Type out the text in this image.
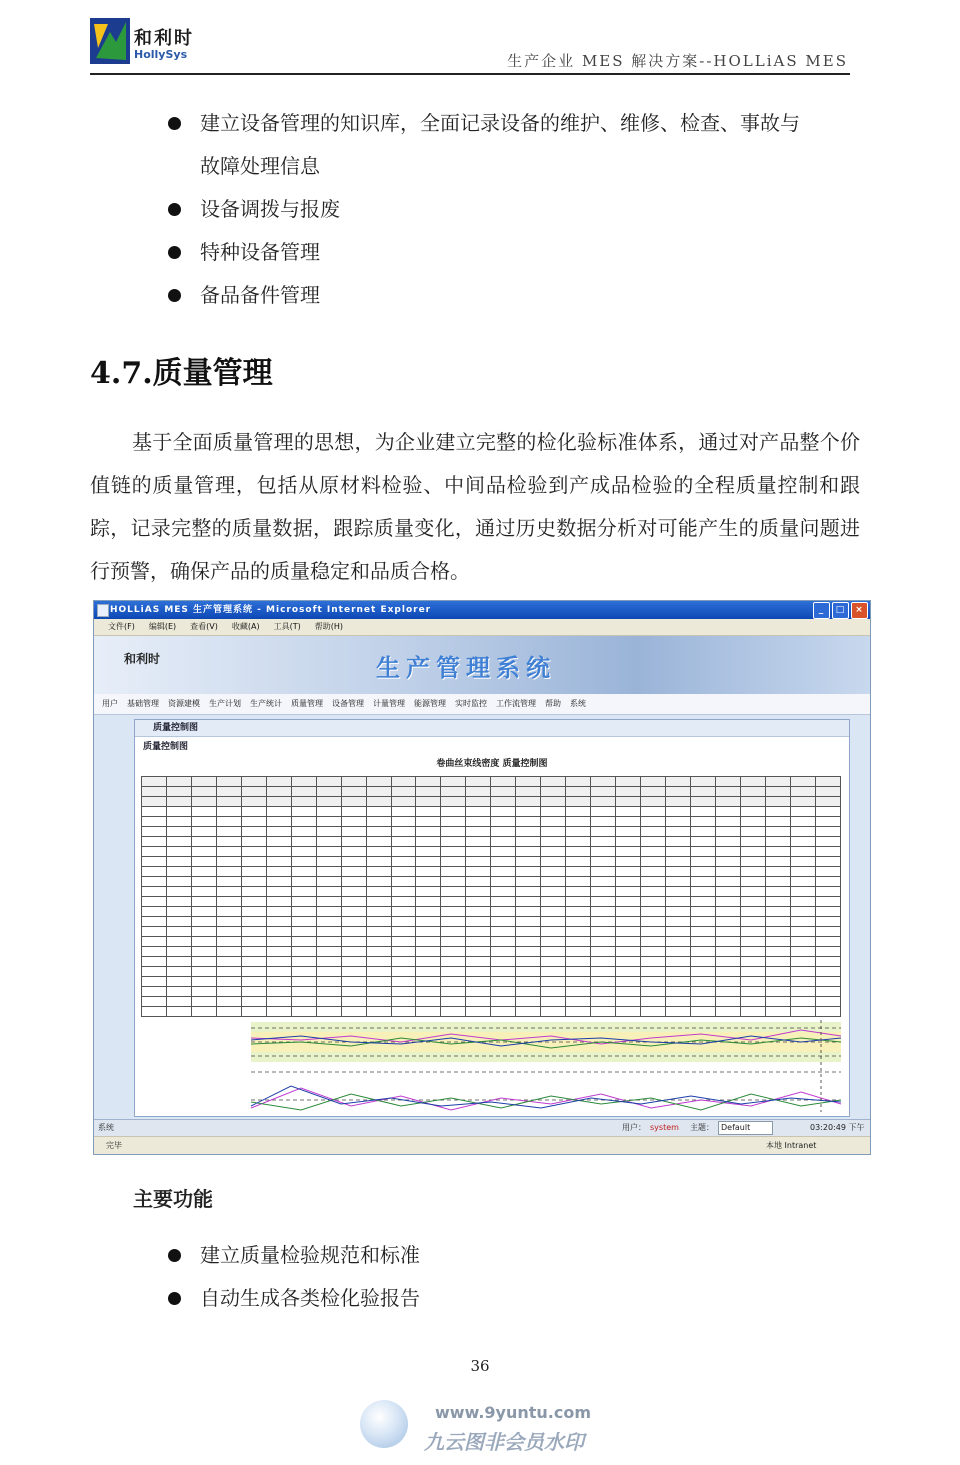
和利时
HollySys	生产企业 MES 解决方案--HOLLiAS MES
建立设备管理的知识库，全面记录设备的维护、维修、检查、事故与
故障处理信息
设备调拨与报废
特种设备管理
备品备件管理
4.7.质量管理

基于全面质量管理的思想，为企业建立完整的检化验标准体系，通过对产品整个价值链的质量管理，包括从原材料检验、中间品检验到产成品检验的全程质量控制和跟踪，记录完整的质量数据，跟踪质量变化，通过历史数据分析对可能产生的质量问题进行预警，确保产品的质量稳定和品质合格。

HOLLiAS MES 生产管理系统 - Microsoft Internet Explorer	_	□	×
文件(F) 编辑(E) 查看(V) 收藏(A) 工具(T) 帮助(H)
和利时	生产管理系统
用户 基础管理 资源建模 生产计划 生产统计 质量管理 设备管理 计量管理 能源管理 实时监控 工作流管理 帮助 系统
质量控制图
质量控制图
卷曲丝束线密度 质量控制图

系统	用户： system 主题： Default	03:20:49 下午
完毕	本地 Intranet
主要功能
建立质量检验规范和标准
自动生成各类检化验报告
36
www.9yuntu.com
九云图非会员水印
